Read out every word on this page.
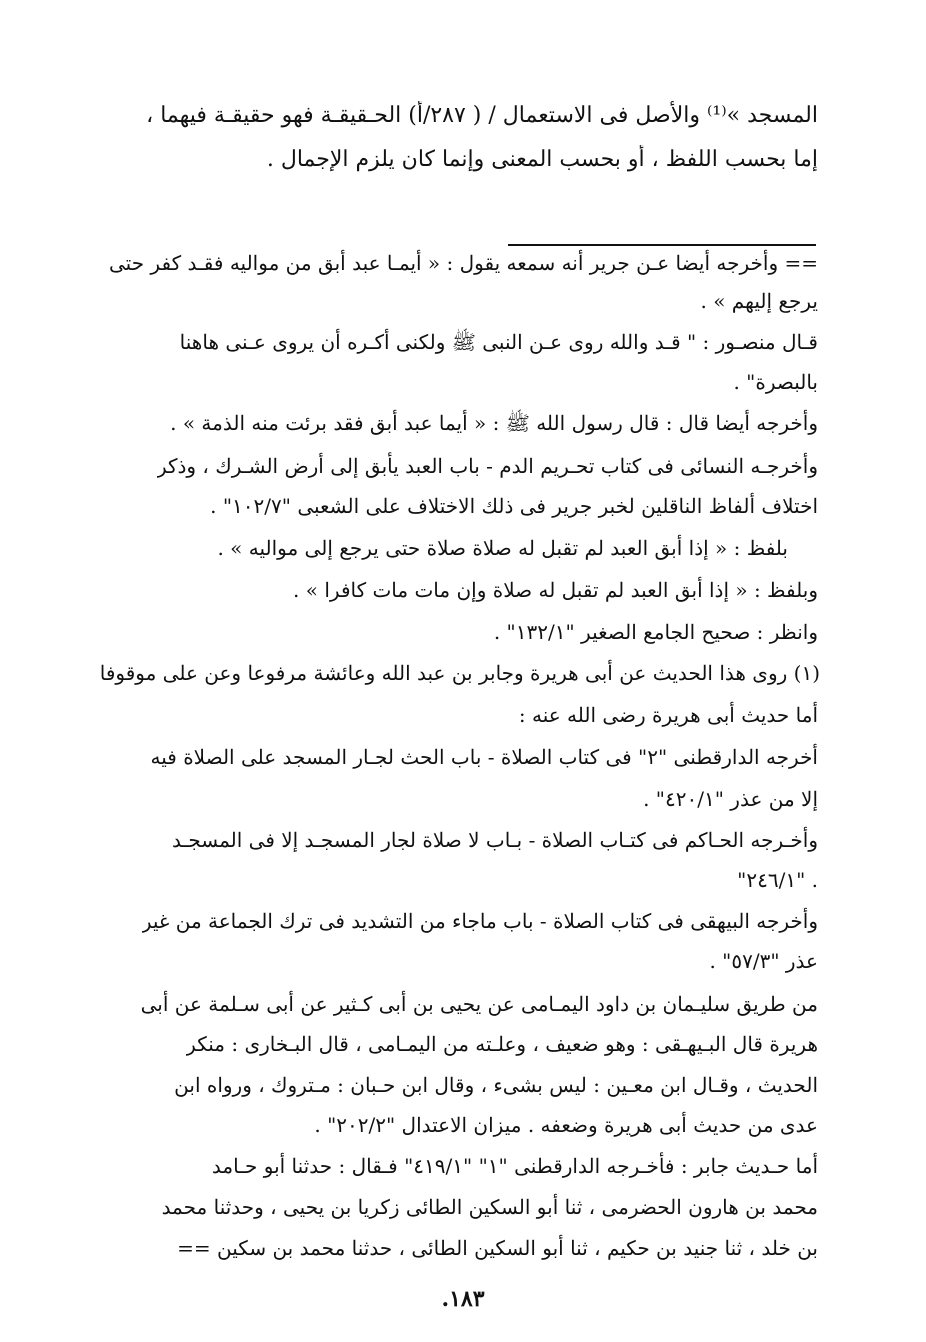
المسجد »⁽¹⁾ والأصل فى الاستعمال / ( ٢٨٧/أ) الحـقيقـة فهو حقيقـة فيهما ،
إما بحسب اللفظ ، أو بحسب المعنى وإنما كان يلزم الإجمال .
== وأخرجه أيضا عـن جرير أنه سمعه يقول : « أيمـا عبد أبق من مواليه فقـد كفر حتى
يرجع إليهم » .
قـال منصـور : " قـد والله روى عـن النبى ﷺ ولكنى أكـره أن يروى عـنى هاهنا
بالبصرة" .
وأخرجه أيضا قال : قال رسول الله ﷺ : « أيما عبد أبق فقد برئت منه الذمة » .
وأخرجـه النسائى فى كتاب تحـريم الدم - باب العبد يأبق إلى أرض الشـرك ، وذكر
اختلاف ألفاظ الناقلين لخبر جرير فى ذلك الاختلاف على الشعبى "١٠٢/٧" .
بلفظ : « إذا أبق العبد لم تقبل له صلاة صلاة حتى يرجع إلى مواليه » .
وبلفظ : « إذا أبق العبد لم تقبل له صلاة وإن مات مات كافرا » .
وانظر : صحيح الجامع الصغير "١٣٢/١" .
(١) روى هذا الحديث عن أبى هريرة وجابر بن عبد الله وعائشة مرفوعا وعن على موقوفا
أما حديث أبى هريرة رضى الله عنه :
أخرجه الدارقطنى "٢" فى كتاب الصلاة - باب الحث لجـار المسجد على الصلاة فيه
إلا من عذر "٤٢٠/١" .
وأخـرجه الحـاكم فى كتـاب الصلاة - بـاب لا صلاة لجار المسجـد إلا فى المسجـد
"٢٤٦/١" .
وأخرجه البيهقى فى كتاب الصلاة - باب ماجاء من التشديد فى ترك الجماعة من غير
عذر "٥٧/٣" .
من طريق سليـمان بن داود اليمـامى عن يحيى بن أبى كـثير عن أبى سـلمة عن أبى
هريرة قال البـيهـقى : وهو ضعيف ، وعلـته من اليمـامى ، قال البـخارى : منكر
الحديث ، وقـال ابن معـين : ليس بشىء ، وقال ابن حـبان : مـتروك ، ورواه ابن
عدى من حديث أبى هريرة وضعفه . ميزان الاعتدال "٢٠٢/٢" .
أما حـديث جابر : فأخـرجه الدارقطنى "١" "٤١٩/١" فـقال : حدثنا أبو حـامد
محمد بن هارون الحضرمى ، ثنا أبو السكين الطائى زكريا بن يحيى ، وحدثنا محمد
بن خلد ، ثنا جنيد بن حكيم ، ثنا أبو السكين الطائى ، حدثنا محمد بن سكين ==
١٨٣.
